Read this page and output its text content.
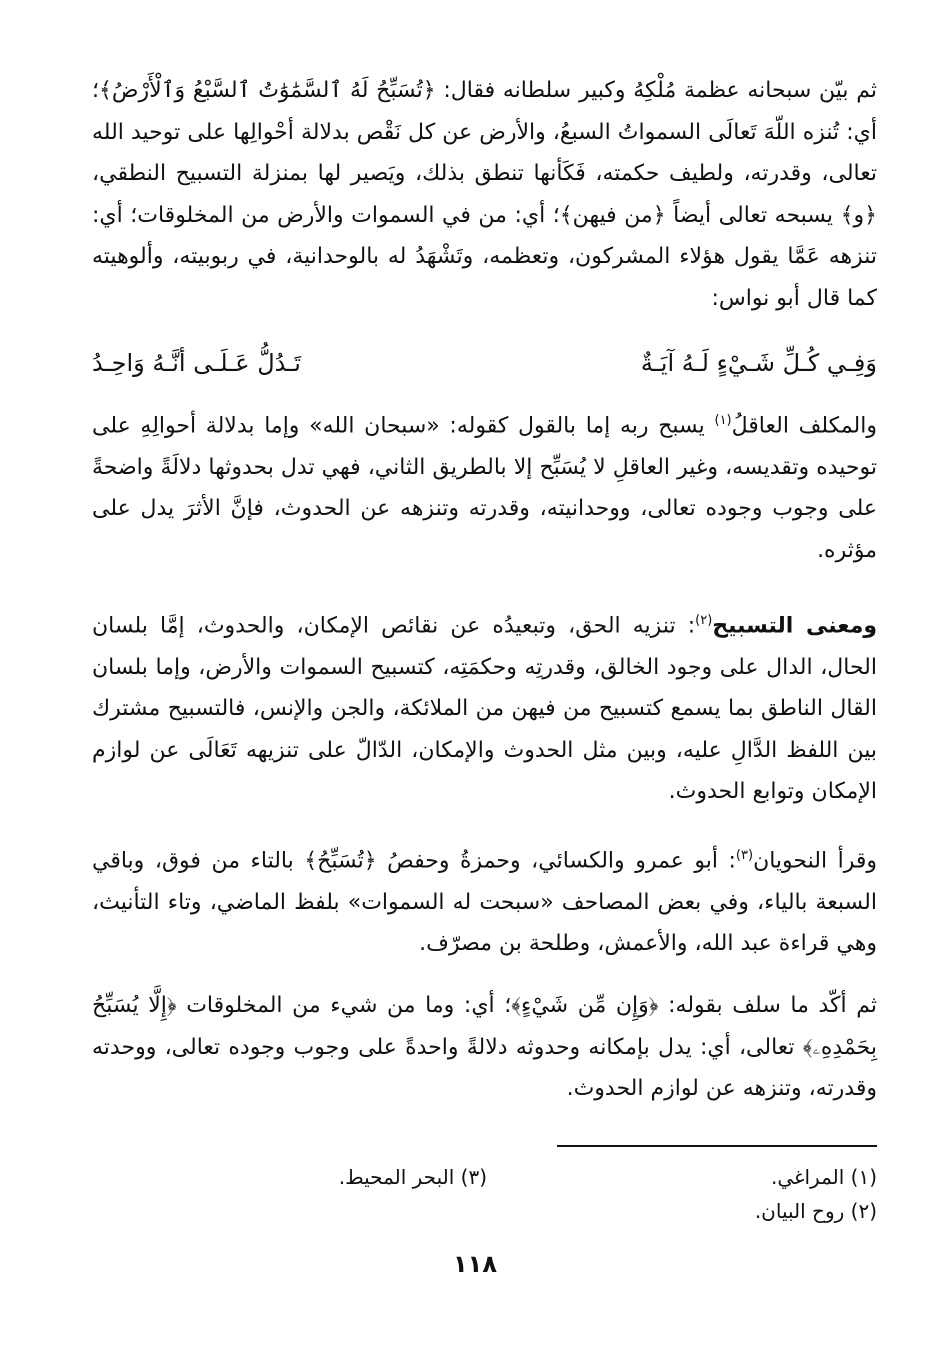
ثم بيّن سبحانه عظمة مُلْكِهُ وكبير سلطانه فقال: ﴿تُسَبِّحُ لَهُ ٱلسَّمَٰوَٰتُ ٱلسَّبْعُ وَٱلْأَرْضُ﴾؛ أي: تُنزه اللّهَ تَعالَى السمواتُ السبعُ، والأرض عن كل نَقْص بدلالة أحْوالِها على توحيد الله تعالى، وقدرته، ولطيف حكمته، فَكَأنها تنطق بذلك، ويَصير لها بمنزلة التسبيح النطقي، ﴿و﴾ يسبحه تعالى أيضاً ﴿من فيهن﴾؛ أي: من في السموات والأرض من المخلوقات؛ أي: تنزهه عَمَّا يقول هؤلاء المشركون، وتعظمه، وتَشْهَدُ له بالوحدانية، في ربوبيته، وألوهيته كما قال أبو نواس:

وَفِـي كُـلِّ شَـيْءٍ لَـهُ آيَـةٌ
تَـدُلُّ عَـلَـى أنَّـهُ وَاحِـدُ

والمكلف العاقلُ$^{(١)}$ يسبح ربه إما بالقول كقوله: «سبحان الله» وإما بدلالة أحوالِهِ على توحيده وتقديسه، وغير العاقلِ لا يُسَبِّح إلا بالطريق الثاني، فهي تدل بحدوثها دلالَةً واضحةً على وجوب وجوده تعالى، ووحدانيته، وقدرته وتنزهه عن الحدوث، فإنَّ الأثرَ يدل على مؤثره.

ومعنى التسبيح$^{(٢)}$: تنزيه الحق، وتبعيدُه عن نقائص الإمكان، والحدوث، إمَّا بلسان الحال، الدال على وجود الخالق، وقدرتِه وحكمَتِه، كتسبيح السموات والأرض، وإما بلسان القال الناطق بما يسمع كتسبيح من فيهن من الملائكة، والجن والإنس، فالتسبيح مشترك بين اللفظ الدَّالِ عليه، وبين مثل الحدوث والإمكان، الدّالّ على تنزيهه تَعَالَى عن لوازم الإمكان وتوابع الحدوث.

وقرأ النحويان$^{(٣)}$: أبو عمرو والكسائي، وحمزةُ وحفصُ ﴿تُسَبِّحُ﴾ بالتاء من فوق، وباقي السبعة بالياء، وفي بعض المصاحف «سبحت له السموات» بلفظ الماضي، وتاء التأنيث، وهي قراءة عبد الله، والأعمش، وطلحة بن مصرّف.

ثم أكّد ما سلف بقوله: ﴿وَإِن مِّن شَيْءٍ﴾؛ أي: وما من شيء من المخلوقات ﴿إِلَّا يُسَبِّحُ بِحَمْدِهِۦ﴾ تعالى، أي: يدل بإمكانه وحدوثه دلالةً واحدةً على وجوب وجوده تعالى، ووحدته وقدرته، وتنزهه عن لوازم الحدوث.

(١) المراغي.
(٣) البحر المحيط.
(٢) روح البيان.
١١٨
